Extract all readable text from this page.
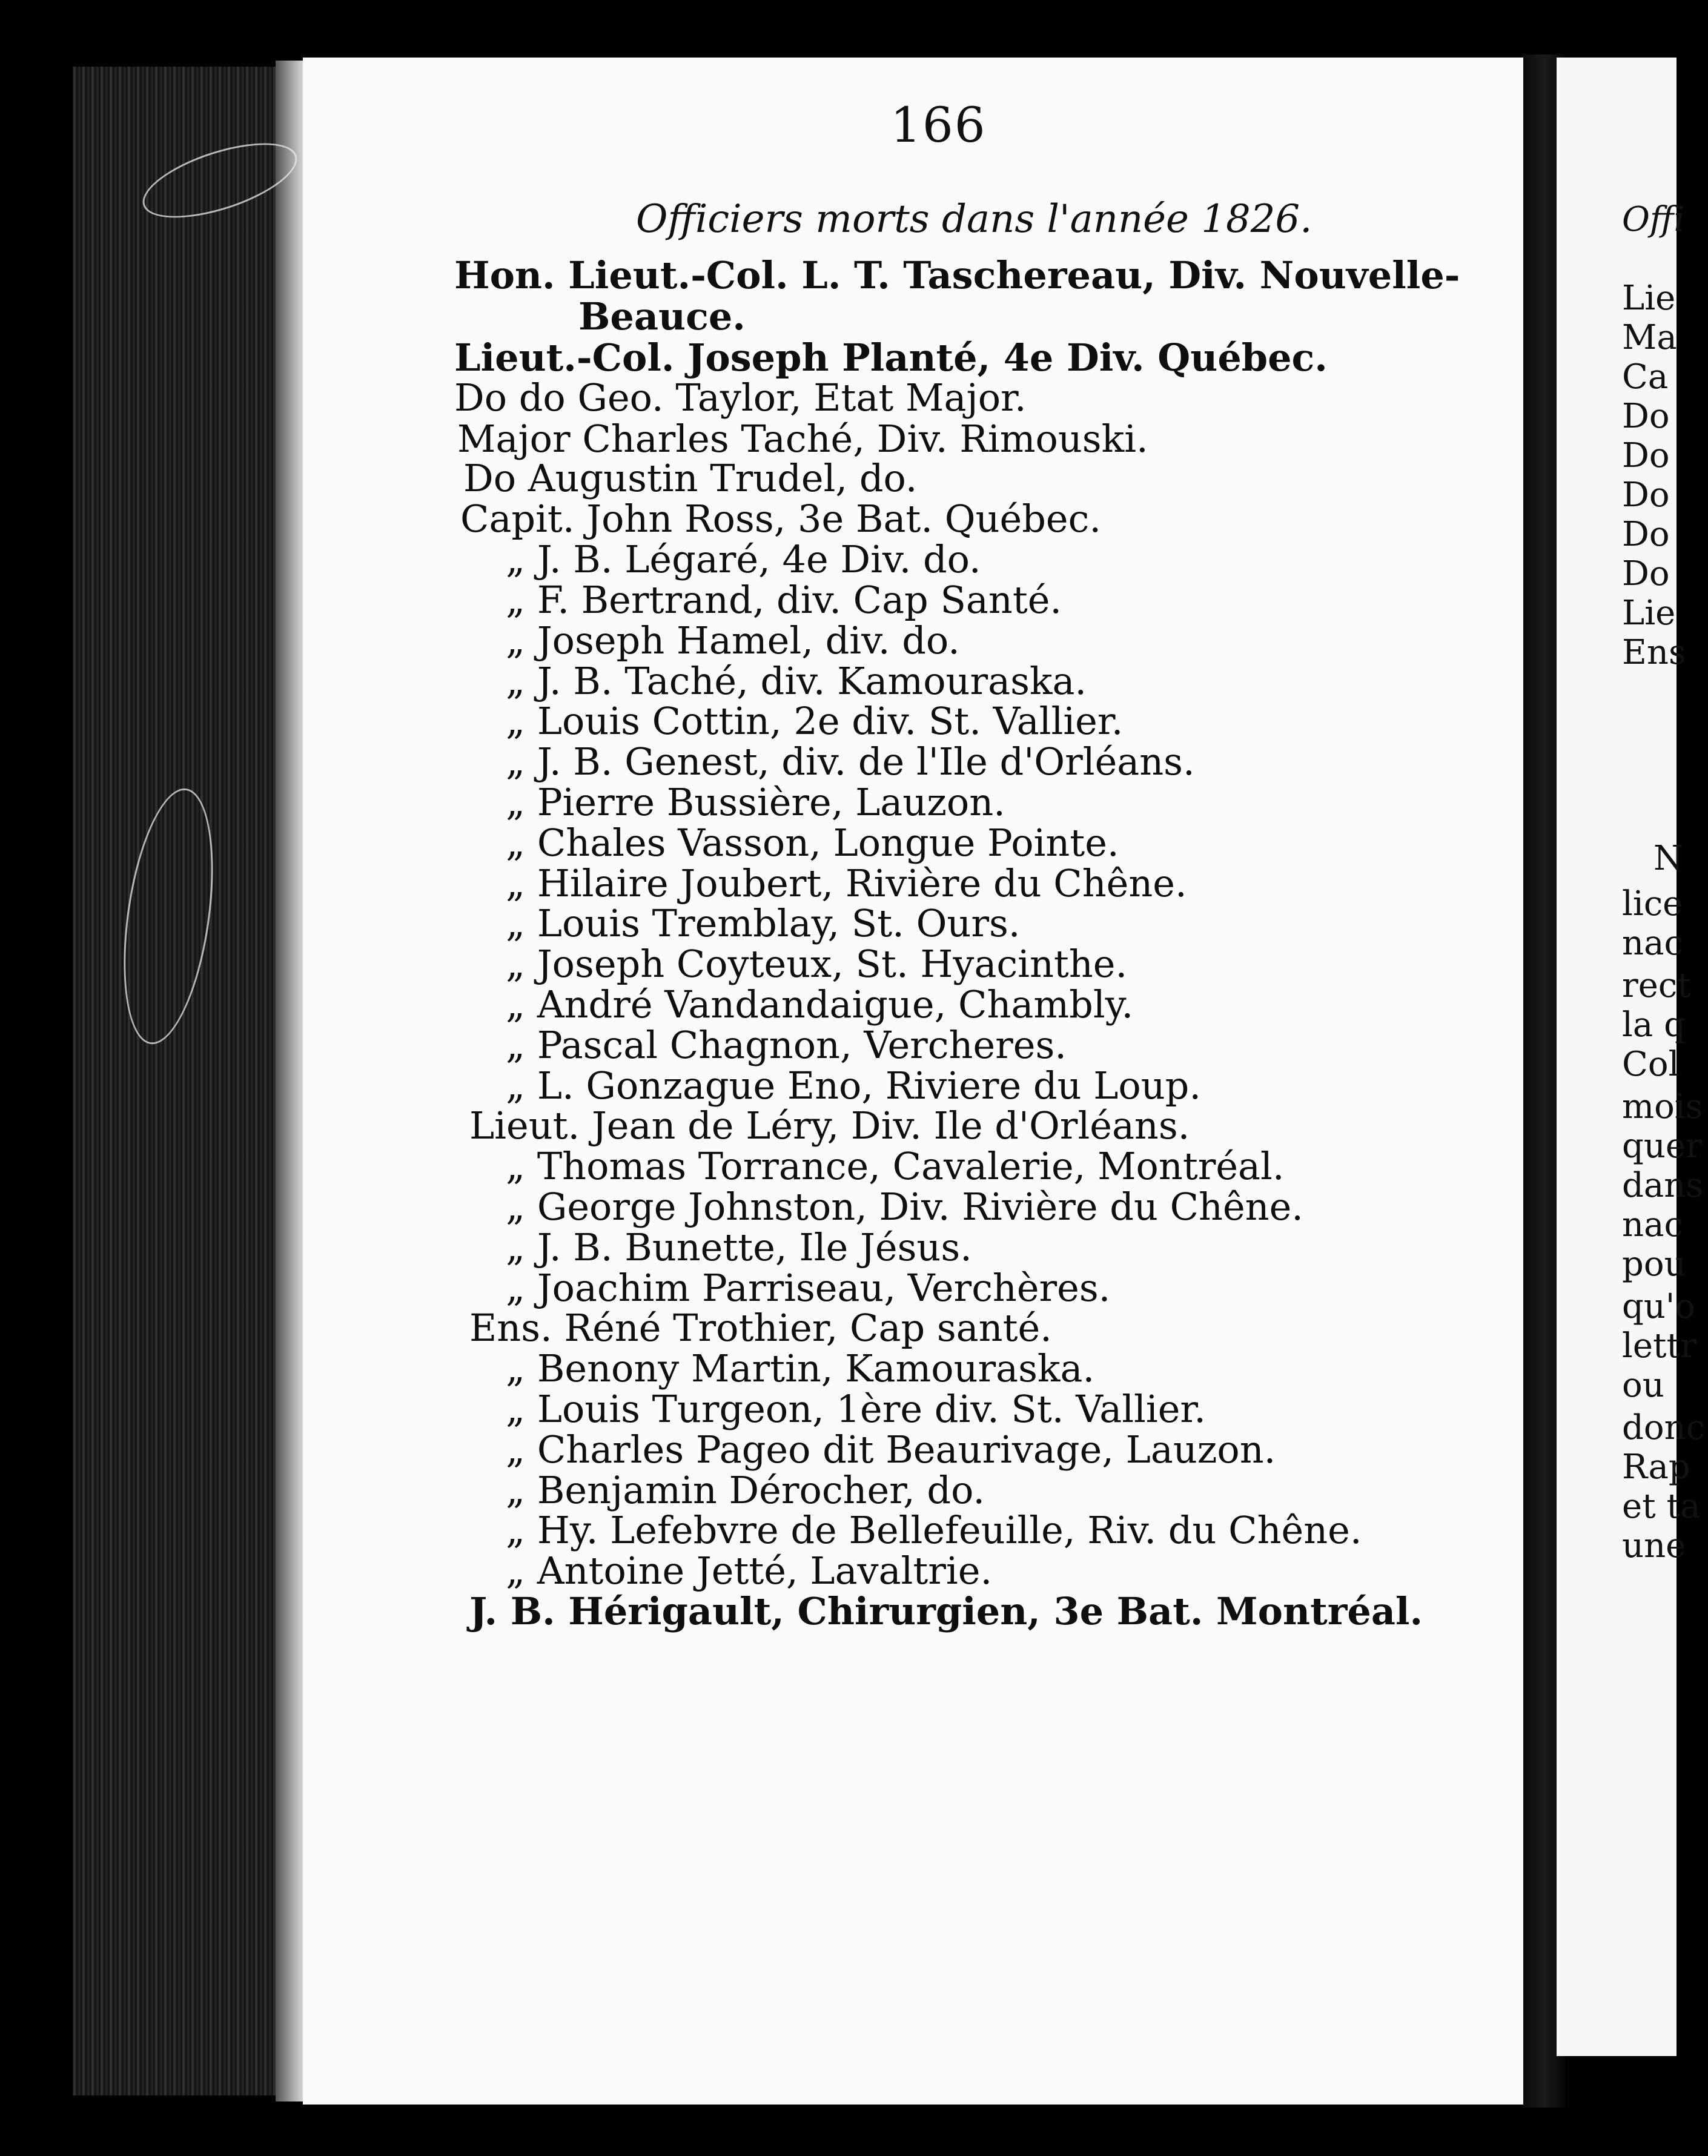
166
Officiers morts dans l'année 1826.
Hon. Lieut.-Col. L. T. Taschereau, Div. Nouvelle-
Beauce.
Lieut.-Col. Joseph Planté, 4e Div. Québec.
Do do Geo. Taylor, Etat Major.
Major Charles Taché, Div. Rimouski.
Do Augustin Trudel, do.
Capit. John Ross, 3e Bat. Québec.
„ J. B. Légaré, 4e Div. do.
„ F. Bertrand, div. Cap Santé.
„ Joseph Hamel, div. do.
„ J. B. Taché, div. Kamouraska.
„ Louis Cottin, 2e div. St. Vallier.
„ J. B. Genest, div. de l'Ile d'Orléans.
„ Pierre Bussière, Lauzon.
„ Chales Vasson, Longue Pointe.
„ Hilaire Joubert, Rivière du Chêne.
„ Louis Tremblay, St. Ours.
„ Joseph Coyteux, St. Hyacinthe.
„ André Vandandaigue, Chambly.
„ Pascal Chagnon, Vercheres.
„ L. Gonzague Eno, Riviere du Loup.
Lieut. Jean de Léry, Div. Ile d'Orléans.
„ Thomas Torrance, Cavalerie, Montréal.
„ George Johnston, Div. Rivière du Chêne.
„ J. B. Bunette, Ile Jésus.
„ Joachim Parriseau, Verchères.
Ens. Réné Trothier, Cap santé.
„ Benony Martin, Kamouraska.
„ Louis Turgeon, 1ère div. St. Vallier.
„ Charles Pageo dit Beaurivage, Lauzon.
„ Benjamin Dérocher, do.
„ Hy. Lefebvre de Bellefeuille, Riv. du Chêne.
„ Antoine Jetté, Lavaltrie.
J. B. Hérigault, Chirurgien, 3e Bat. Montréal.
Offi
Lie
Ma
Ca
Do
Do
Do
Do
Do
Lie
Ens
N
lice
nac
rect
la q
Col
mois
quer
dans
nac
pou
qu'o
lettr
ou
donc
Rap
et ta
une
